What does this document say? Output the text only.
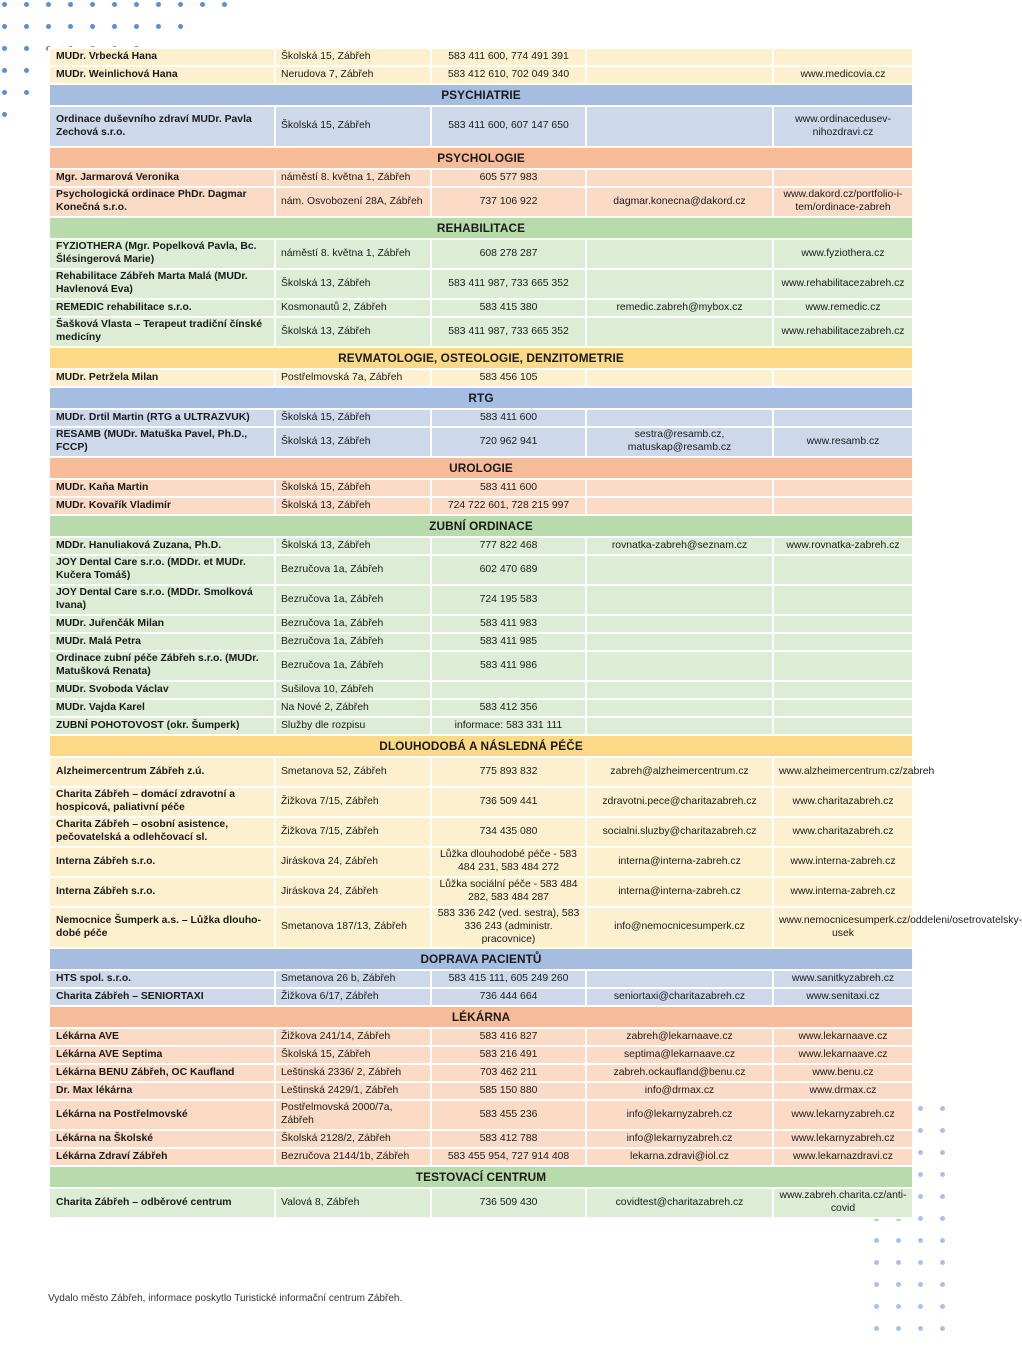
MUDr. Vrbecká Hana	Školská 15, Zábřeh	583 411 600, 774 491 391		
MUDr. Weinlichová Hana	Nerudova 7, Zábřeh	583 412 610, 702 049 340		www.medicovia.cz
PSYCHIATRIE				
Ordinace duševního zdraví MUDr. Pavla Zechová s.r.o.	Školská 15, Zábřeh	583 411 600, 607 147 650		www.ordinacedusev-nihozdravi.cz
PSYCHOLOGIE				
Mgr. Jarmarová Veronika	náměstí 8. května 1, Zábřeh	605 577 983		
Psychologická ordinace PhDr. Dagmar Konečná s.r.o.	nám. Osvobození 28A, Zábřeh	737 106 922	dagmar.konecna@dakord.cz	www.dakord.cz/portfolio-i-tem/ordinace-zabreh
REHABILITACE				
FYZIOTHERA (Mgr. Popelková Pavla, Bc. Šlésingerová Marie)	náměstí 8. května 1, Zábřeh	608 278 287		www.fyziothera.cz
Rehabilitace Zábřeh Marta Malá (MUDr. Havlenová Eva)	Školská 13, Zábřeh	583 411 987, 733 665 352		www.rehabilitacezabreh.cz
REMEDIC rehabilitace s.r.o.	Kosmonautů 2, Zábřeh	583 415 380	remedic.zabreh@mybox.cz	www.remedic.cz
Šašková Vlasta – Terapeut tradiční čínské medicíny	Školská 13, Zábřeh	583 411 987, 733 665 352		www.rehabilitacezabreh.cz
REVMATOLOGIE, OSTEOLOGIE, DENZITOMETRIE				
MUDr. Petržela Milan	Postřelmovská 7a, Zábřeh	583 456 105		
RTG				
MUDr. Drtil Martin (RTG a ULTRAZVUK)	Školská 15, Zábřeh	583 411 600		
RESAMB (MUDr. Matuška Pavel, Ph.D., FCCP)	Školská 13, Zábřeh	720 962 941	sestra@resamb.cz, matuskap@resamb.cz	www.resamb.cz
UROLOGIE				
MUDr. Kaňa Martin	Školská 15, Zábřeh	583 411 600		
MUDr. Kovařík Vladimír	Školská 13, Zábřeh	724 722 601, 728 215 997		
ZUBNÍ ORDINACE				
MDDr. Hanuliaková Zuzana, Ph.D.	Školská 13, Zábřeh	777 822 468	rovnatka-zabreh@seznam.cz	www.rovnatka-zabreh.cz
JOY Dental Care s.r.o. (MDDr. et MUDr. Kučera Tomáš)	Bezručova 1a, Zábřeh	602 470 689		
JOY Dental Care s.r.o. (MDDr. Smolková Ivana)	Bezručova 1a, Zábřeh	724 195 583		
MUDr. Juřenčák Milan	Bezručova 1a, Zábřeh	583 411 983		
MUDr. Malá Petra	Bezručova 1a, Zábřeh	583 411 985		
Ordinace zubní péče Zábřeh s.r.o. (MUDr. Matušková Renata)	Bezručova 1a, Zábřeh	583 411 986		
MUDr. Svoboda Václav	Sušilova 10, Zábřeh			
MUDr. Vajda Karel	Na Nové 2, Zábřeh	583 412 356		
ZUBNÍ POHOTOVOST (okr. Šumperk)	Služby dle rozpisu	informace: 583 331 111		
DLOUHODOBÁ A NÁSLEDNÁ PÉČE				
Alzheimercentrum Zábřeh z.ú.	Smetanova 52, Zábřeh	775 893 832	zabreh@alzheimercentrum.cz	www.alzheimercentrum.cz/zabreh
Charita Zábřeh – domácí zdravotní a hospicová, paliativní péče	Žižkova 7/15, Zábřeh	736 509 441	zdravotni.pece@charitazabreh.cz	www.charitazabreh.cz
Charita Zábřeh – osobní asistence, pečovatelská a odlehčovací sl.	Žižkova 7/15, Zábřeh	734 435 080	socialni.sluzby@charitazabreh.cz	www.charitazabreh.cz
Interna Zábřeh s.r.o.	Jiráskova 24, Zábřeh	Lůžka dlouhodobé péče - 583 484 231, 583 484 272	interna@interna-zabreh.cz	www.interna-zabreh.cz
Interna Zábřeh s.r.o.	Jiráskova 24, Zábřeh	Lůžka sociální péče - 583 484 282, 583 484 287	interna@interna-zabreh.cz	www.interna-zabreh.cz
Nemocnice Šumperk a.s. – Lůžka dlouho-dobé péče	Smetanova 187/13, Zábřeh	583 336 242 (ved. sestra), 583 336 243 (administr. pracovnice)	info@nemocnicesumperk.cz	www.nemocnicesumperk.cz/oddeleni/osetrovatelsky-usek
DOPRAVA PACIENTŮ				
HTS spol. s.r.o.	Smetanova 26 b, Zábřeh	583 415 111, 605 249 260		www.sanitkyzabreh.cz
Charita Zábřeh – SENIORTAXI	Žižkova 6/17, Zábřeh	736 444 664	seniortaxi@charitazabreh.cz	www.senitaxi.cz
LÉKÁRNA				
Lékárna AVE	Žižkova 241/14, Zábřeh	583 416 827	zabreh@lekarnaave.cz	www.lekarnaave.cz
Lékárna AVE Septima	Školská 15, Zábřeh	583 216 491	septima@lekarnaave.cz	www.lekarnaave.cz
Lékárna BENU Zábřeh, OC Kaufland	Leštinská 2336/ 2, Zábřeh	703 462 211	zabreh.ockaufland@benu.cz	www.benu.cz
Dr. Max lékárna	Leštinská 2429/1, Zábřeh	585 150 880	info@drmax.cz	www.drmax.cz
Lékárna na Postřelmovské	Postřelmovská 2000/7a, Zábřeh	583 455 236	info@lekarnyzabreh.cz	www.lekarnyzabreh.cz
Lékárna na Školské	Školská 2128/2, Zábřeh	583 412 788	info@lekarnyzabreh.cz	www.lekarnyzabreh.cz
Lékárna Zdraví Zábřeh	Bezručova 2144/1b, Zábřeh	583 455 954, 727 914 408	lekarna.zdravi@iol.cz	www.lekarnazdravi.cz
TESTOVACÍ CENTRUM				
Charita Zábřeh – odběrové centrum	Valová 8, Zábřeh	736 509 430	covidtest@charitazabreh.cz	www.zabreh.charita.cz/anti-covid
Vydalo město Zábřeh, informace poskytlo Turistické informační centrum Zábřeh.
